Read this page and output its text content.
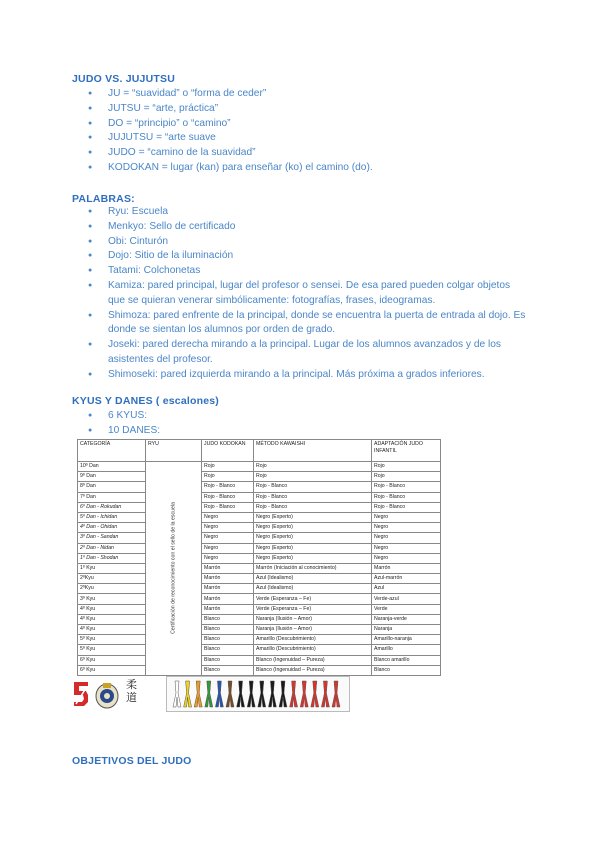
JUDO VS. JUJUTSU
● JU = “suavidad” o “forma de ceder”
● JUTSU = “arte, práctica”
● DO = “principio” o “camino”
● JUJUTSU = “arte suave
● JUDO = “camino de la suavidad”
● KODOKAN = lugar (kan) para enseñar (ko) el camino (do).
PALABRAS:
● Ryu: Escuela
● Menkyo: Sello de certificado
● Obi: Cinturón
● Dojo: Sitio de la iluminación
● Tatami: Colchonetas
● Kamiza: pared principal, lugar del profesor o sensei. De esa pared pueden colgar objetos que se quieran venerar simbólicamente: fotografías, frases, ideogramas.
● Shimoza: pared enfrente de la principal, donde se encuentra la puerta de entrada al dojo. Es donde se sientan los alumnos por orden de grado.
● Joseki: pared derecha mirando a la principal. Lugar de los alumnos avanzados y de los asistentes del profesor.
● Shimoseki: pared izquierda mirando a la principal. Más próxima a grados inferiores.
KYUS Y DANES ( escalones)
● 6 KYUS:
● 10 DANES:
CATEGORÍA	RYU	JUDO KODOKAN	MÉTODO KAWAISHI	ADAPTACIÓN JUDO INFANTIL
10º Dan	Certificación de reconocimiento con el sello de la escuela	Rojo	Rojo	Rojo
9º Dan		Rojo	Rojo	Rojo
8º Dan		Rojo - Blanco	Rojo - Blanco	Rojo - Blanco
7º Dan		Rojo - Blanco	Rojo - Blanco	Rojo - Blanco
6º Dan - Rokudan		Rojo - Blanco	Rojo - Blanco	Rojo - Blanco
5º Dan - Ichidan		Negro	Negro (Experto)	Negro
4º Dan - Ohidan		Negro	Negro (Experto)	Negro
3º Dan - Sandan		Negro	Negro (Experto)	Negro
2º Dan - Nidan		Negro	Negro (Experto)	Negro
1º Dan - Shodan		Negro	Negro (Experto)	Negro
1º Kyu		Marrón	Marrón (Iniciación al conocimiento)	Marrón
2ºKyu		Marrón	Azul (Idealismo)	Azul-marrón
2ºKyu		Marrón	Azul (Idealismo)	Azul
3º Kyu		Marrón	Verde (Esperanza – Fe)	Verde-azul
4º Kyu		Marrón	Verde (Esperanza – Fe)	Verde
4º Kyu		Blanco	Naranja (Ilusión – Amor)	Naranja-verde
4º Kyu		Blanco	Naranja (Ilusión – Amor)	Naranja
5º Kyu		Blanco	Amarillo (Descubrimiento)	Amarillo-naranja
5º Kyu		Blanco	Amarillo (Descubrimiento)	Amarillo
6º Kyu		Blanco	Blanco (Ingenuidad – Pureza)	Blanco amarillo
6º Kyu		Blanco	Blanco (Ingenuidad – Pureza)	Blanco
柔道
OBJETIVOS DEL JUDO
